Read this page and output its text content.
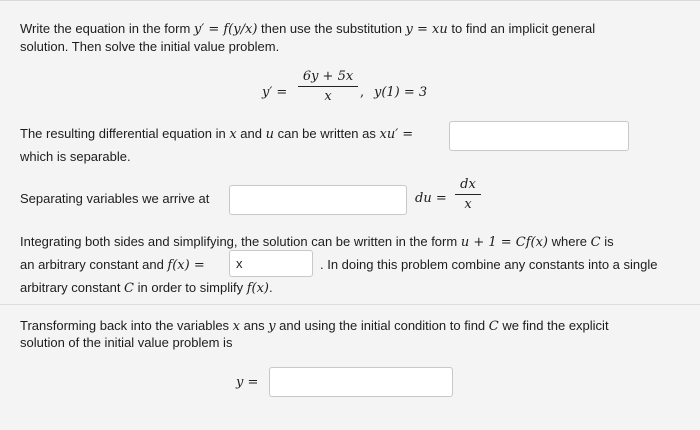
Write the equation in the form y′ = f(y/x) then use the substitution y = xu to find an implicit general
solution. Then solve the initial value problem.
y′ =
6y + 5x
x	, y(1) = 3
The resulting differential equation in x and u can be written as xu′ =
which is separable.
Separating variables we arrive at	du =
dx
x
Integrating both sides and simplifying, the solution can be written in the form u + 1 = Cf(x) where C is
an arbitrary constant and f(x) =	x	. In doing this problem combine any constants into a single
arbitrary constant C in order to simplify f(x).
Transforming back into the variables x ans y and using the initial condition to find C we find the explicit
solution of the initial value problem is
y =
